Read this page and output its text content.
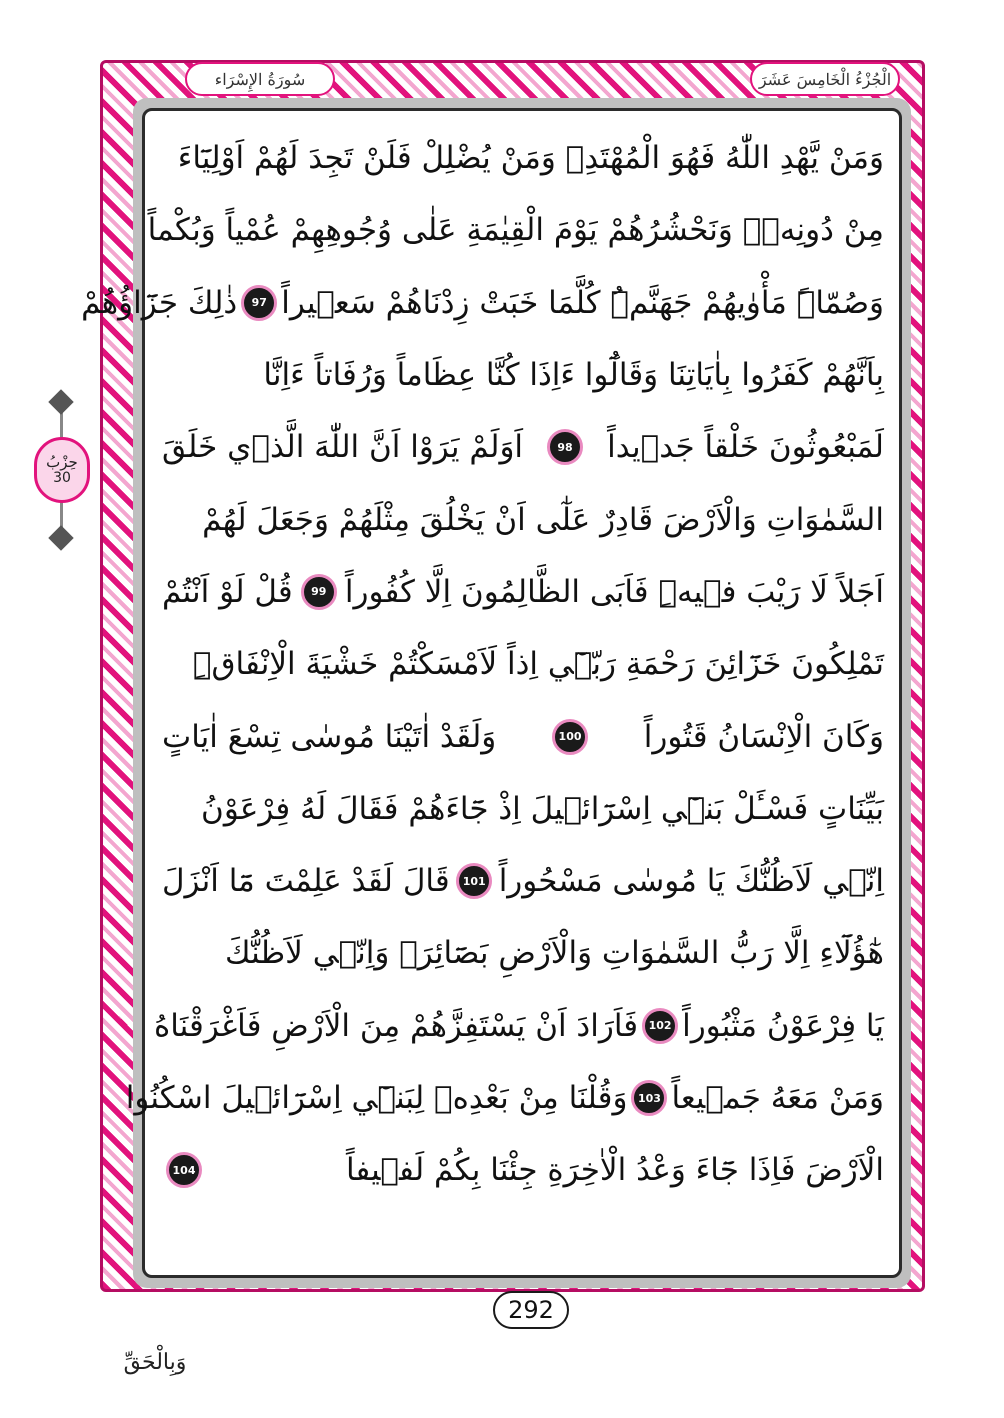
الْجُزْءُ الْخَامِسَ عَشَرَ
سُورَةُ الإِسْرَاء
حِزْبُ
30
وَمَنْ يَّهْدِ اللّٰهُ فَهُوَ الْمُهْتَدِۚ وَمَنْ يُضْلِلْ فَلَنْ تَجِدَ لَهُمْ اَوْلِيَٓاءَ
مِنْ دُونِه۪ۜ وَنَحْشُرُهُمْ يَوْمَ الْقِيٰمَةِ عَلٰى وُجُوهِهِمْ عُمْياً وَبُكْماً
وَصُمّاًۜ مَأْوٰيهُمْ جَهَنَّمُۜ كُلَّمَا خَبَتْ زِدْنَاهُمْ سَع۪يراً
97
ذٰلِكَ جَزَٓاؤُهُمْ
بِاَنَّهُمْ كَفَرُوا بِاٰيَاتِنَا وَقَالُٓوا ءَاِذَا كُنَّا عِظَاماً وَرُفَاتاً ءَاِنَّا
لَمَبْعُوثُونَ خَلْقاً جَد۪يداً
98
اَوَلَمْ يَرَوْا اَنَّ اللّٰهَ الَّذ۪ي خَلَقَ
السَّمٰوَاتِ وَالْاَرْضَ قَادِرٌ عَلٰٓى اَنْ يَخْلُقَ مِثْلَهُمْ وَجَعَلَ لَهُمْ
اَجَلاً لَا رَيْبَ ف۪يهِۜ فَاَبَى الظَّالِمُونَ اِلَّا كُفُوراً
99
قُلْ لَوْ اَنْتُمْ
تَمْلِكُونَ خَزَٓائِنَ رَحْمَةِ رَبّ۪ٓي اِذاً لَاَمْسَكْتُمْ خَشْيَةَ الْاِنْفَاقِۜ
وَكَانَ الْاِنْسَانُ قَتُوراً
100
وَلَقَدْ اٰتَيْنَا مُوسٰى تِسْعَ اٰيَاتٍ
بَيِّنَاتٍ فَسْـَٔلْ بَن۪ٓي اِسْرَٓائ۪يلَ اِذْ جَٓاءَهُمْ فَقَالَ لَهُ فِرْعَوْنُ
اِنّ۪ي لَاَظُنُّكَ يَا مُوسٰى مَسْحُوراً
101
قَالَ لَقَدْ عَلِمْتَ مَٓا اَنْزَلَ
هٰٓؤُلَٓاءِ اِلَّا رَبُّ السَّمٰوَاتِ وَالْاَرْضِ بَصَٓائِرَۚ وَاِنّ۪ي لَاَظُنُّكَ
يَا فِرْعَوْنُ مَثْبُوراً
102
فَاَرَادَ اَنْ يَسْتَفِزَّهُمْ مِنَ الْاَرْضِ فَاَغْرَقْنَاهُ
وَمَنْ مَعَهُ جَم۪يعاً
103
وَقُلْنَا مِنْ بَعْدِه۪ لِبَن۪ٓي اِسْرَٓائ۪يلَ اسْكُنُوا
الْاَرْضَ فَاِذَا جَٓاءَ وَعْدُ الْاٰخِرَةِ جِئْنَا بِكُمْ لَف۪يفاً
104
292
وَبِالْحَقِّ
